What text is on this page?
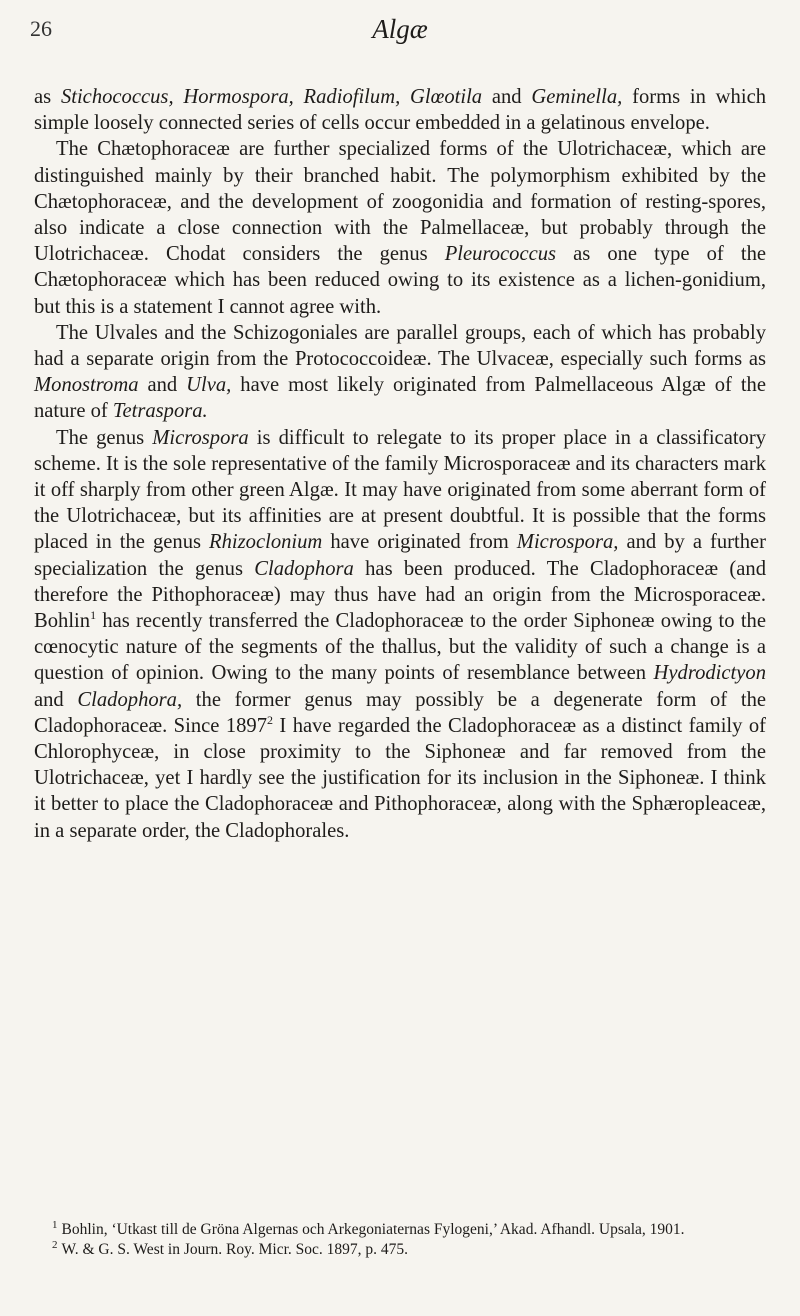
26	Algæ

as Stichococcus, Hormospora, Radiofilum, Glœotila and Geminella, forms in which simple loosely connected series of cells occur embedded in a gelatinous envelope.

The Chætophoraceæ are further specialized forms of the Ulotrichaceæ, which are distinguished mainly by their branched habit. The polymorphism exhibited by the Chætophoraceæ, and the development of zoogonidia and formation of resting-spores, also indicate a close connection with the Palmellaceæ, but probably through the Ulotrichaceæ. Chodat considers the genus Pleurococcus as one type of the Chætophoraceæ which has been reduced owing to its existence as a lichen-gonidium, but this is a statement I cannot agree with.

The Ulvales and the Schizogoniales are parallel groups, each of which has probably had a separate origin from the Protococcoideæ. The Ulvaceæ, especially such forms as Monostroma and Ulva, have most likely originated from Palmellaceous Algæ of the nature of Tetraspora.

The genus Microspora is difficult to relegate to its proper place in a classificatory scheme. It is the sole representative of the family Microsporaceæ and its characters mark it off sharply from other green Algæ. It may have originated from some aberrant form of the Ulotrichaceæ, but its affinities are at present doubtful. It is possible that the forms placed in the genus Rhizoclonium have originated from Microspora, and by a further specialization the genus Cladophora has been produced. The Cladophoraceæ (and therefore the Pithophoraceæ) may thus have had an origin from the Microsporaceæ. Bohlin$^1$ has recently transferred the Cladophoraceæ to the order Siphoneæ owing to the cœnocytic nature of the segments of the thallus, but the validity of such a change is a question of opinion. Owing to the many points of resemblance between Hydrodictyon and Cladophora, the former genus may possibly be a degenerate form of the Cladophoraceæ. Since 1897$^2$ I have regarded the Cladophoraceæ as a distinct family of Chlorophyceæ, in close proximity to the Siphoneæ and far removed from the Ulotrichaceæ, yet I hardly see the justification for its inclusion in the Siphoneæ. I think it better to place the Cladophoraceæ and Pithophoraceæ, along with the Sphæropleaceæ, in a separate order, the Cladophorales.

$^1$ Bohlin, ‘Utkast till de Gröna Algernas och Arkegoniaternas Fylogeni,’ Akad. Afhandl. Upsala, 1901.

$^2$ W. & G. S. West in Journ. Roy. Micr. Soc. 1897, p. 475.
